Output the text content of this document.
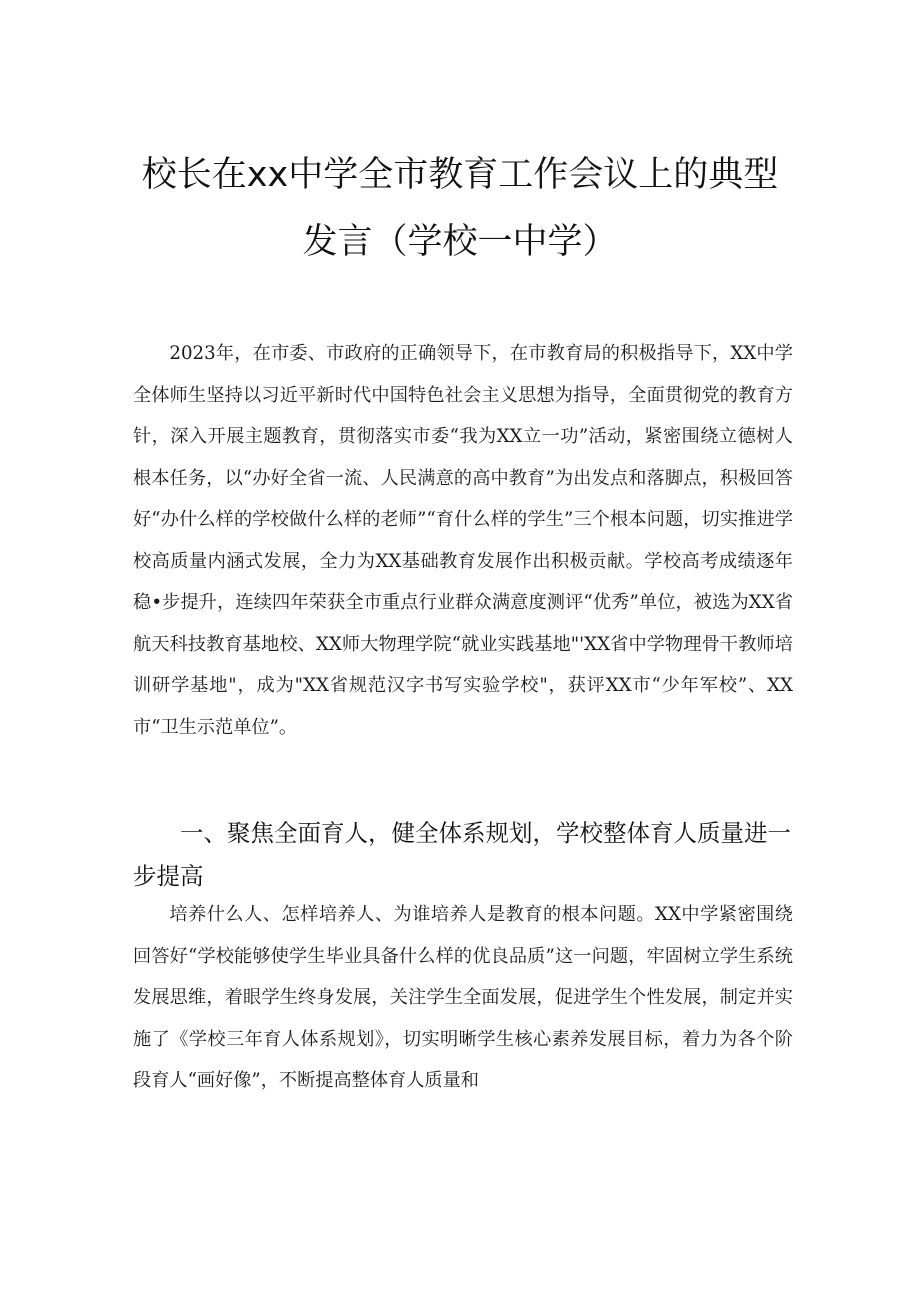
校长在xx中学全市教育工作会议上的典型
发言（学校一中学）

2023年，在市委、市政府的正确领导下，在市教育局的积极指导下，XX中学全体师生坚持以习近平新时代中国特色社会主义思想为指导，全面贯彻党的教育方针，深入开展主题教育，贯彻落实市委“我为XX立一功”活动，紧密围绕立德树人根本任务，以“办好全省一流、人民满意的高中教育”为出发点和落脚点，积极回答好“办什么样的学校做什么样的老师”“育什么样的学生”三个根本问题，切实推进学校高质量内涵式发展，全力为XX基础教育发展作出积极贡献。学校高考成绩逐年稳•步提升，连续四年荣获全市重点行业群众满意度测评“优秀”单位，被选为XX省航天科技教育基地校、XX师大物理学院“就业实践基地"'XX省中学物理骨干教师培训研学基地"，成为"XX省规范汉字书写实验学校"，获评XX市“少年军校”、XX市“卫生示范单位”。

一、聚焦全面育人，健全体系规划，学校整体育人质量进一步提高

培养什么人、怎样培养人、为谁培养人是教育的根本问题。XX中学紧密围绕回答好“学校能够使学生毕业具备什么样的优良品质”这一问题，牢固树立学生系统发展思维，着眼学生终身发展，关注学生全面发展，促进学生个性发展，制定并实施了《学校三年育人体系规划》，切实明晰学生核心素养发展目标，着力为各个阶段育人“画好像”，不断提高整体育人质量和
